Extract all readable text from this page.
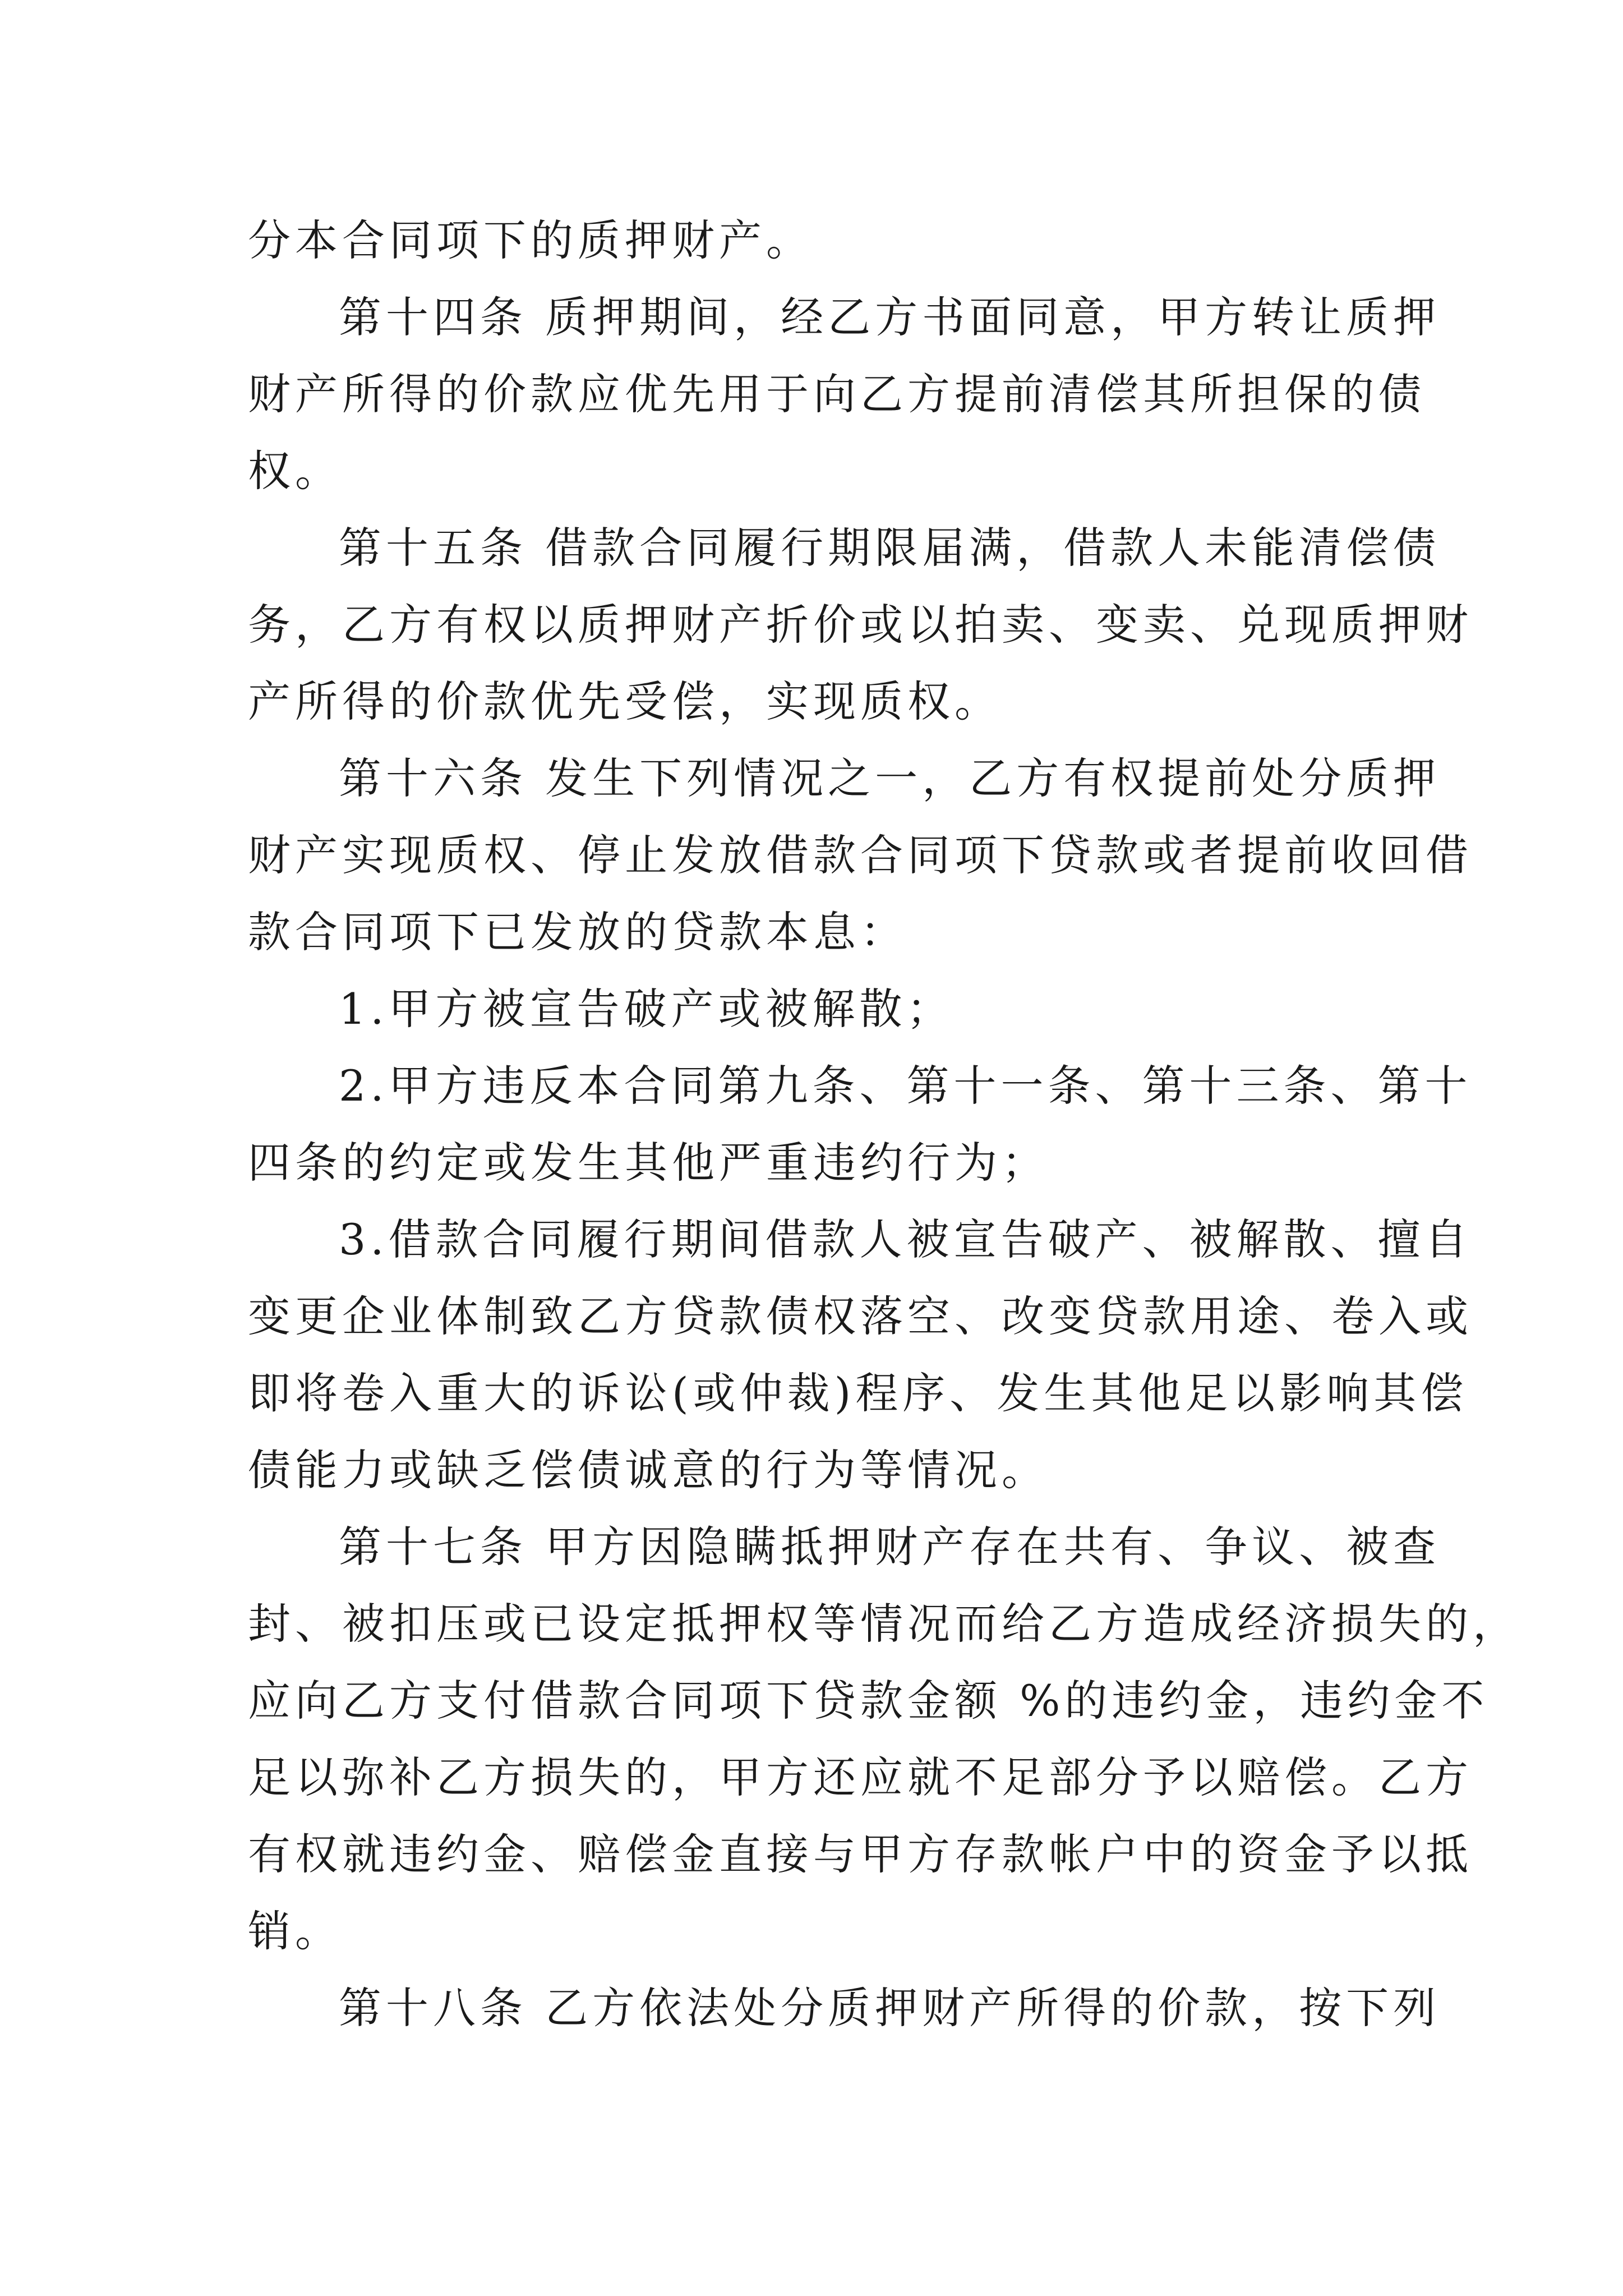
分本合同项下的质押财产。
第十四条 质押期间，经乙方书面同意，甲方转让质押
财产所得的价款应优先用于向乙方提前清偿其所担保的债
权。
第十五条 借款合同履行期限届满，借款人未能清偿债
务，乙方有权以质押财产折价或以拍卖、变卖、兑现质押财
产所得的价款优先受偿，实现质权。
第十六条 发生下列情况之一，乙方有权提前处分质押
财产实现质权、停止发放借款合同项下贷款或者提前收回借
款合同项下已发放的贷款本息：
1.甲方被宣告破产或被解散；
2.甲方违反本合同第九条、第十一条、第十三条、第十
四条的约定或发生其他严重违约行为；
3.借款合同履行期间借款人被宣告破产、被解散、擅自
变更企业体制致乙方贷款债权落空、改变贷款用途、卷入或
即将卷入重大的诉讼(或仲裁)程序、发生其他足以影响其偿
债能力或缺乏偿债诚意的行为等情况。
第十七条 甲方因隐瞒抵押财产存在共有、争议、被查
封、被扣压或已设定抵押权等情况而给乙方造成经济损失的，
应向乙方支付借款合同项下贷款金额 %的违约金，违约金不
足以弥补乙方损失的，甲方还应就不足部分予以赔偿。乙方
有权就违约金、赔偿金直接与甲方存款帐户中的资金予以抵
销。
第十八条 乙方依法处分质押财产所得的价款，按下列
